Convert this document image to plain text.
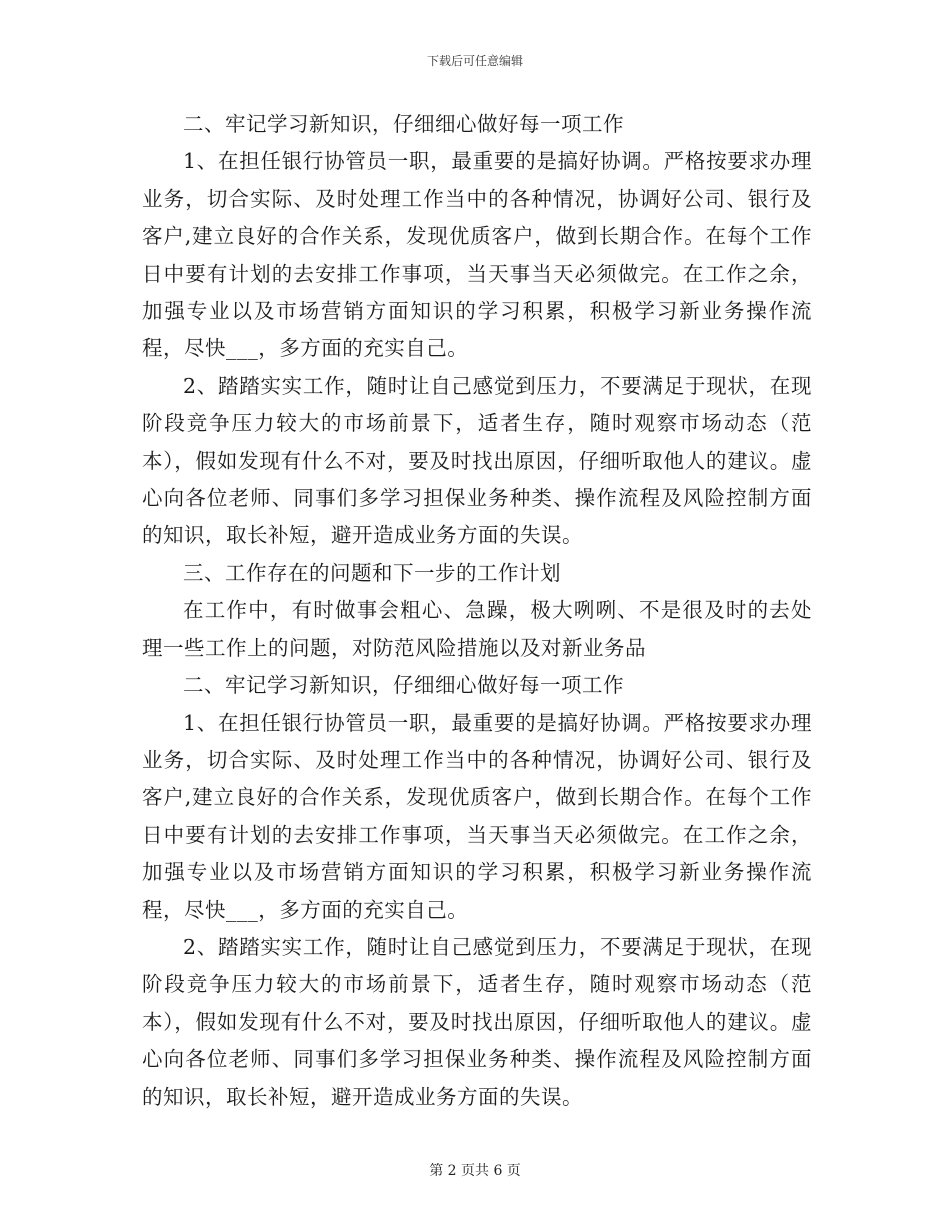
下载后可任意编辑

二、牢记学习新知识，仔细细心做好每一项工作

1、在担任银行协管员一职，最重要的是搞好协调。严格按要求办理业务，切合实际、及时处理工作当中的各种情况，协调好公司、银行及客户,建立良好的合作关系，发现优质客户，做到长期合作。在每个工作日中要有计划的去安排工作事项，当天事当天必须做完。在工作之余，加强专业以及市场营销方面知识的学习积累，积极学习新业务操作流程，尽快___，多方面的充实自己。

2、踏踏实实工作，随时让自己感觉到压力，不要满足于现状，在现阶段竞争压力较大的市场前景下，适者生存，随时观察市场动态（范本），假如发现有什么不对，要及时找出原因，仔细听取他人的建议。虚心向各位老师、同事们多学习担保业务种类、操作流程及风险控制方面的知识，取长补短，避开造成业务方面的失误。

三、工作存在的问题和下一步的工作计划

在工作中，有时做事会粗心、急躁，极大咧咧、不是很及时的去处理一些工作上的问题，对防范风险措施以及对新业务品

二、牢记学习新知识，仔细细心做好每一项工作

1、在担任银行协管员一职，最重要的是搞好协调。严格按要求办理业务，切合实际、及时处理工作当中的各种情况，协调好公司、银行及客户,建立良好的合作关系，发现优质客户，做到长期合作。在每个工作日中要有计划的去安排工作事项，当天事当天必须做完。在工作之余，加强专业以及市场营销方面知识的学习积累，积极学习新业务操作流程，尽快___，多方面的充实自己。

2、踏踏实实工作，随时让自己感觉到压力，不要满足于现状，在现阶段竞争压力较大的市场前景下，适者生存，随时观察市场动态（范本），假如发现有什么不对，要及时找出原因，仔细听取他人的建议。虚心向各位老师、同事们多学习担保业务种类、操作流程及风险控制方面的知识，取长补短，避开造成业务方面的失误。

第 2 页共 6 页
